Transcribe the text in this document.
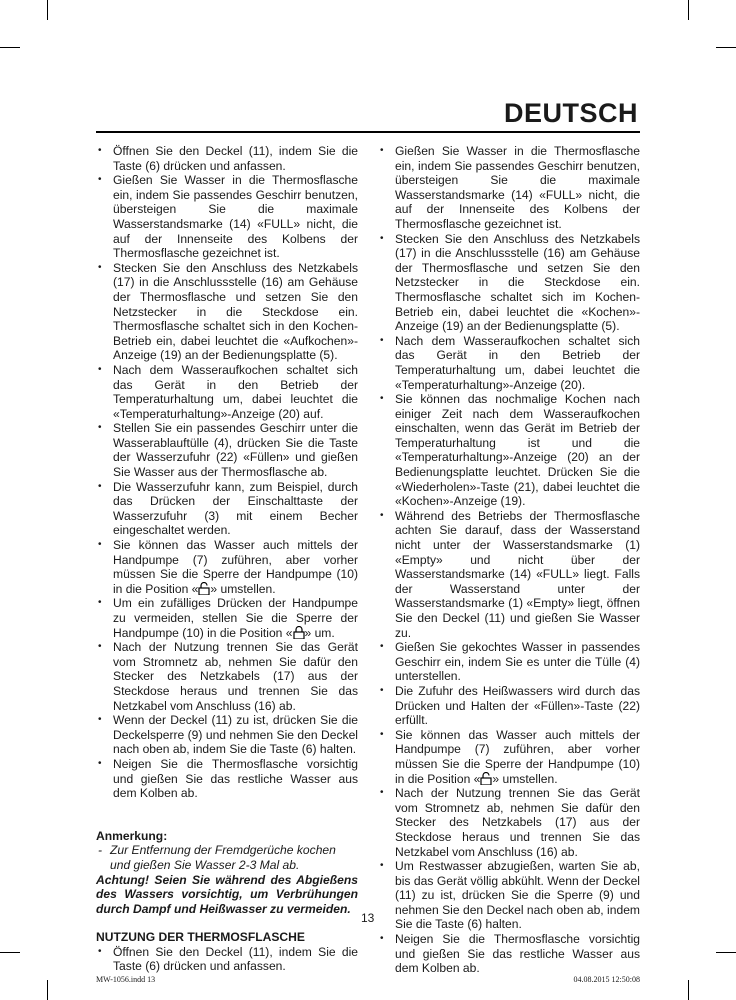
DEUTSCH
• Öffnen Sie den Deckel (11), indem Sie die Taste (6) drücken und anfassen.
• Gießen Sie Wasser in die Thermosflasche ein, indem Sie passendes Geschirr benutzen, übersteigen Sie die maximale Wasserstandsmarke (14) «FULL» nicht, die auf der Innenseite des Kolbens der Thermosflasche gezeichnet ist.
• Stecken Sie den Anschluss des Netzkabels (17) in die Anschlussstelle (16) am Gehäuse der Thermosflasche und setzen Sie den Netzstecker in die Steckdose ein. Thermosflasche schaltet sich in den Kochen-Betrieb ein, dabei leuchtet die «Aufkochen»-Anzeige (19) an der Bedienungsplatte (5).
• Nach dem Wasseraufkochen schaltet sich das Gerät in den Betrieb der Temperaturhaltung um, dabei leuchtet die «Temperaturhaltung»-Anzeige (20) auf.
• Stellen Sie ein passendes Geschirr unter die Wasserablauftülle (4), drücken Sie die Taste der Wasserzufuhr (22) «Füllen» und gießen Sie Wasser aus der Thermosflasche ab.
• Die Wasserzufuhr kann, zum Beispiel, durch das Drücken der Einschalttaste der Wasserzufuhr (3) mit einem Becher eingeschaltet werden.
• Sie können das Wasser auch mittels der Handpumpe (7) zuführen, aber vorher müssen Sie die Sperre der Handpumpe (10) in die Position « » umstellen.
• Um ein zufälliges Drücken der Handpumpe zu vermeiden, stellen Sie die Sperre der Handpumpe (10) in die Position « » um.
• Nach der Nutzung trennen Sie das Gerät vom Stromnetz ab, nehmen Sie dafür den Stecker des Netzkabels (17) aus der Steckdose heraus und trennen Sie das Netzkabel vom Anschluss (16) ab.
• Wenn der Deckel (11) zu ist, drücken Sie die Deckelsperre (9) und nehmen Sie den Deckel nach oben ab, indem Sie die Taste (6) halten.
• Neigen Sie die Thermosflasche vorsichtig und gießen Sie das restliche Wasser aus dem Kolben ab.
Anmerkung:
- Zur Entfernung der Fremdgerüche kochen und gießen Sie Wasser 2-3 Mal ab.
Achtung! Seien Sie während des Abgießens des Wassers vorsichtig, um Verbrühungen durch Dampf und Heißwasser zu vermeiden.
NUTZUNG DER THERMOSFLASCHE
• Öffnen Sie den Deckel (11), indem Sie die Taste (6) drücken und anfassen.
• Gießen Sie Wasser in die Thermosflasche ein, indem Sie passendes Geschirr benutzen, übersteigen Sie die maximale Wasserstandsmarke (14) «FULL» nicht, die auf der Innenseite des Kolbens der Thermosflasche gezeichnet ist.
• Stecken Sie den Anschluss des Netzkabels (17) in die Anschlussstelle (16) am Gehäuse der Thermosflasche und setzen Sie den Netzstecker in die Steckdose ein. Thermosflasche schaltet sich im Kochen-Betrieb ein, dabei leuchtet die «Kochen»-Anzeige (19) an der Bedienungsplatte (5).
• Nach dem Wasseraufkochen schaltet sich das Gerät in den Betrieb der Temperaturhaltung um, dabei leuchtet die «Temperaturhaltung»-Anzeige (20).
• Sie können das nochmalige Kochen nach einiger Zeit nach dem Wasseraufkochen einschalten, wenn das Gerät im Betrieb der Temperaturhaltung ist und die «Temperaturhaltung»-Anzeige (20) an der Bedienungsplatte leuchtet. Drücken Sie die «Wiederholen»-Taste (21), dabei leuchtet die «Kochen»-Anzeige (19).
• Während des Betriebs der Thermosflasche achten Sie darauf, dass der Wasserstand nicht unter der Wasserstandsmarke (1) «Empty» und nicht über der Wasserstandsmarke (14) «FULL» liegt. Falls der Wasserstand unter der Wasserstandsmarke (1) «Empty» liegt, öffnen Sie den Deckel (11) und gießen Sie Wasser zu.
• Gießen Sie gekochtes Wasser in passendes Geschirr ein, indem Sie es unter die Tülle (4) unterstellen.
• Die Zufuhr des Heißwassers wird durch das Drücken und Halten der «Füllen»-Taste (22) erfüllt.
• Sie können das Wasser auch mittels der Handpumpe (7) zuführen, aber vorher müssen Sie die Sperre der Handpumpe (10) in die Position « » umstellen.
• Nach der Nutzung trennen Sie das Gerät vom Stromnetz ab, nehmen Sie dafür den Stecker des Netzkabels (17) aus der Steckdose heraus und trennen Sie das Netzkabel vom Anschluss (16) ab.
• Um Restwasser abzugießen, warten Sie ab, bis das Gerät völlig abkühlt. Wenn der Deckel (11) zu ist, drücken Sie die Sperre (9) und nehmen Sie den Deckel nach oben ab, indem Sie die Taste (6) halten.
• Neigen Sie die Thermosflasche vorsichtig und gießen Sie das restliche Wasser aus dem Kolben ab.
13
MW-1056.indd 13	04.08.2015 12:50:08
